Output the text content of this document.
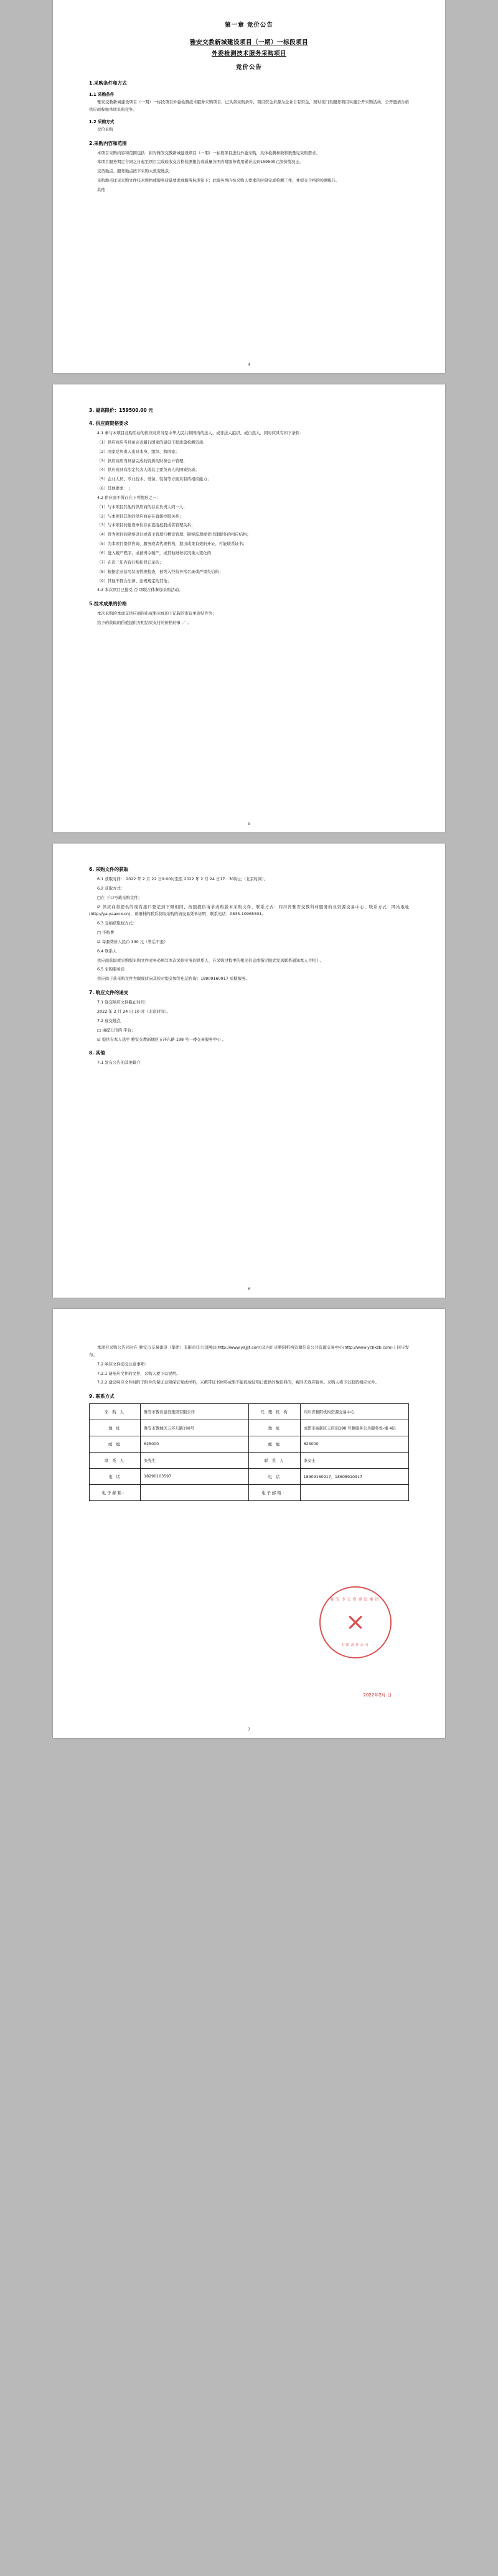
第一章 竞价公告
雅安交教新城建设项目（一期）一标段项目
外委检测技术服务采购项目
竞价公告
1.采购条件和方式
1.1 采购条件

雅安交教新城建设项目（一期）一标段项目外委检测技术服务采购项目，已具备采购条件，项目资金来源为企业自有资金，现对该门类服务项目实施公开采购活动，公开邀请合格供应商参加单项采购竞争。

1.2 采购方式

竞价采购

2.采购内容和范围

本项目采购内容和范围包括：拟对雅安交教新城建设项目（一期）一标段项目进行外委采购，具体检测参数和数量见采购需求。

本项目服务期定合同之日起至项目完成验收交合格检测报告或质量各图内附服务费用累计达到159500元部份情况止。

交货地点、服务地点按下采购大致变地点：

采购地点详见采购文件技术规格或服务质量要求或服务标准知下；此服务图内按采购人要求的时限完成检测工作，并提交合格的检测报告。

其他

4
3. 最高限价：159500.00 元
4. 供应商资格要求

4.1 参与本项目竞购活动的供应商应当是中华人民共和国内的法人、或非法人组织、或自然人。同时应具有如下条件：

（1）供应商应当具备完善履行国家的建设工程质量检测资质；

（2）国家是负责人出具本身、组织、和国家；

（3）供应商应当具备完成的资质的财务会计管理；

（4）供应商具有法定代表人或其主要负责人的国家资质；

（5）企业人员、专业技术、设备、装备等方面具有的相应能力；

（6）其他要求： ；

4.2 供应商不得存在下列情形之一：

（1）与本项目其他的供应商的存在负责人同一人；

（2）与本项目其他的供应商存在直接控股关系；

（3）与本项目的建设单位存在直接控股或者管理关系；

（4）曾为项目的勘察设计或者主管理行精设管理、勘察监理或者代理服务的相应结构；

（5）为本项目提供咨询、服务或者代理机构，提出成果有效的开证、可能联系证书；

（6）进入破产程序，或被责令破产，或其他财务状况重大变化的；

（7）在近三年内有行贿犯罪记录的；

（8）根据企业信用状况管理检查，被列入经营异常名录或严重失信的；

（9）其他不符合法律、法规规定的其他；

4.3 本次项目已接受 否 项联合体参加采购活动。

5.技术成果的价格

本次采购的本成交供应商得出成果完成的下记载的审议单审结件为；

给予的获取的价值提供方相结果支付的价格的事 ／ ；

5
6. 采购文件的获取

6.1 获取时间： 2022 年 2 月 22 日9:00时至至 2022 年 2 月 24 日17：30时止（北京时间）。

6.2 获取方式：

□在 于口号载采购文件；

☑ 供应商将提供的现有接口登记到下限相同、按照提供请求或购版本采购文件，联系方式：四川省雅安交教科材服务的业资源交易中心，联系方式：网站地址 (http://ya.yaaxcx.cn)，详细材的联系获取采购的请交易凭单证明；联系电话：0835-10965301。

6.3 交纳获取权方式：

□ 不购费

☑ 每套费价人民币 330 元（售后不退）

6.4 联系人

供应商获取或采购版采购文件时务必填写本次采购业务的联系人，在采购过程中的相关信息或指定服式发送联系通知本人手机上。

6.5 采购服务质

供应商于获采购文件为服成质向其检对提交加等电话咨询：18909160917 质疑服务。

7. 响应文件的递交

7.1 递交响应文件截止时间：

2022 年 2 月 24 日 10 时（北京时间）。

7.2 递交地点

□ 由提上传的 平台；

☑ 提供专本人送至 雅安交教新城区五环东路 198 号一楼交易服务中心 。

8. 其他

7.1 发布公告的其他媒介

6

本项目采购公告同时在 雅安市交易建设（集团）有限责任公司网站(http://www.yajjjt.com)及四川省雅阳机构资源信息公共资源交易中心(http://www.ycbxzb.com)上同步发布。

7.2 响应文件递交注意事项：

7.2.1 请响应文件的文件，采购人要予以说明。

7.2.2 建议响应文件时附于附件的保证金和保证变成材料，未携带证书材料成果不能投放证明已提供的数资料的，视同无效应服务。采购人将予以取销相应文件。

9. 联系方式
采 购 人	雅安市教育建设集团有限公司	代 理 机 构	四川省雅阳机构资源交易中心
地 址	雅安市教城区五环东路198号	地 址	成都市高新区天府街198 号雅服务公共服务处-楼 4层
邮 编	625000	邮 编	625000
联 系 人	张先生	联 系 人	李女士
电 话	18290103597	电 话	18909160917、18608910917
电子邮箱：		电子邮箱：	
雅安市交教建设集团
有限责任公司
2022年2月 日
7
